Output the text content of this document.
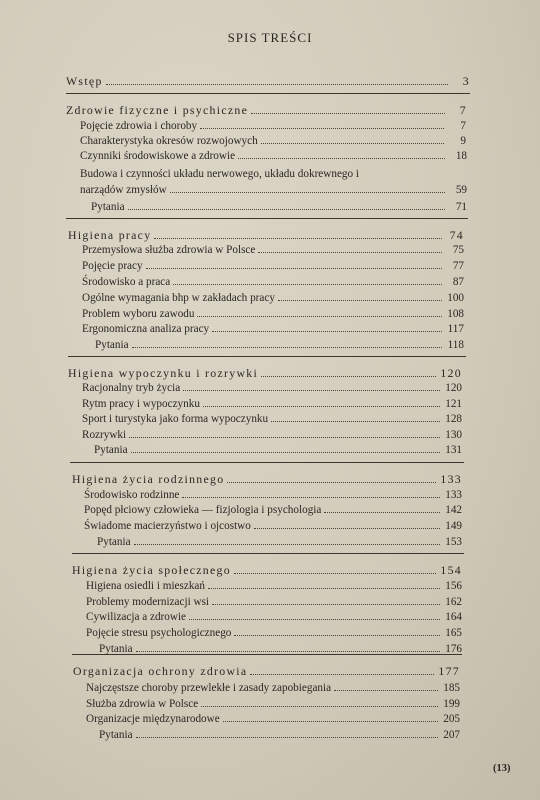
SPIS TREŚCI
Wstęp	3
Zdrowie fizyczne i psychiczne	7
Pojęcie zdrowia i choroby	7
Charakterystyka okresów rozwojowych	9
Czynniki środowiskowe a zdrowie	18
Budowa i czynności układu nerwowego, układu dokrewnego i
narządów zmysłów	59
Pytania	71
Higiena pracy	74
Przemysłowa służba zdrowia w Polsce	75
Pojęcie pracy	77
Środowisko a praca	87
Ogólne wymagania bhp w zakładach pracy	100
Problem wyboru zawodu	108
Ergonomiczna analiza pracy	117
Pytania	118
Higiena wypoczynku i rozrywki	120
Racjonalny tryb życia	120
Rytm pracy i wypoczynku	121
Sport i turystyka jako forma wypoczynku	128
Rozrywki	130
Pytania	131
Higiena życia rodzinnego	133
Środowisko rodzinne	133
Popęd płciowy człowieka — fizjologia i psychologia	142
Świadome macierzyństwo i ojcostwo	149
Pytania	153
Higiena życia społecznego	154
Higiena osiedli i mieszkań	156
Problemy modernizacji wsi	162
Cywilizacja a zdrowie	164
Pojęcie stresu psychologicznego	165
Pytania	176
Organizacja ochrony zdrowia	177
Najczęstsze choroby przewlekłe i zasady zapobiegania	185
Służba zdrowia w Polsce	199
Organizacje międzynarodowe	205
Pytania	207
(13)
